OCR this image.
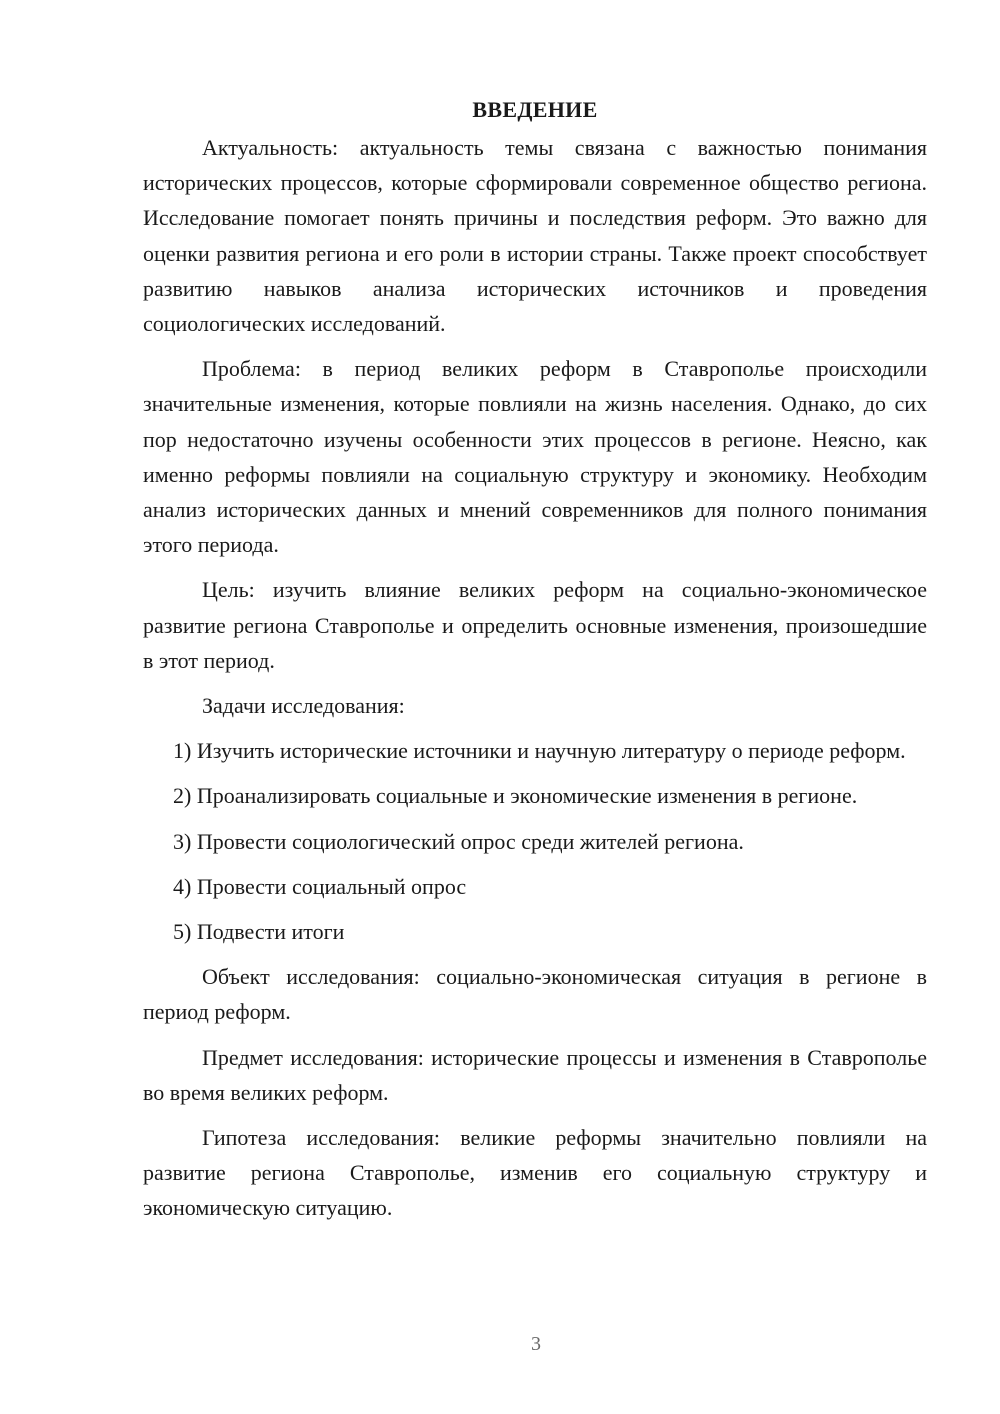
ВВЕДЕНИЕ

Актуальность: актуальность темы связана с важностью понимания исторических процессов, которые сформировали современное общество региона. Исследование помогает понять причины и последствия реформ. Это важно для оценки развития региона и его роли в истории страны. Также проект способствует развитию навыков анализа исторических источников и проведения социологических исследований.

Проблема: в период великих реформ в Ставрополье происходили значительные изменения, которые повлияли на жизнь населения. Однако, до сих пор недостаточно изучены особенности этих процессов в регионе. Неясно, как именно реформы повлияли на социальную структуру и экономику. Необходим анализ исторических данных и мнений современников для полного понимания этого периода.

Цель: изучить влияние великих реформ на социально-экономическое развитие региона Ставрополье и определить основные изменения, произошедшие в этот период.

Задачи исследования:

1) Изучить исторические источники и научную литературу о периоде реформ.

2) Проанализировать социальные и экономические изменения в регионе.

3) Провести социологический опрос среди жителей региона.

4) Провести социальный опрос

5) Подвести итоги

Объект исследования: социально-экономическая ситуация в регионе в период реформ.

Предмет исследования: исторические процессы и изменения в Ставрополье во время великих реформ.

Гипотеза исследования: великие реформы значительно повлияли на развитие региона Ставрополье, изменив его социальную структуру и экономическую ситуацию.

3
